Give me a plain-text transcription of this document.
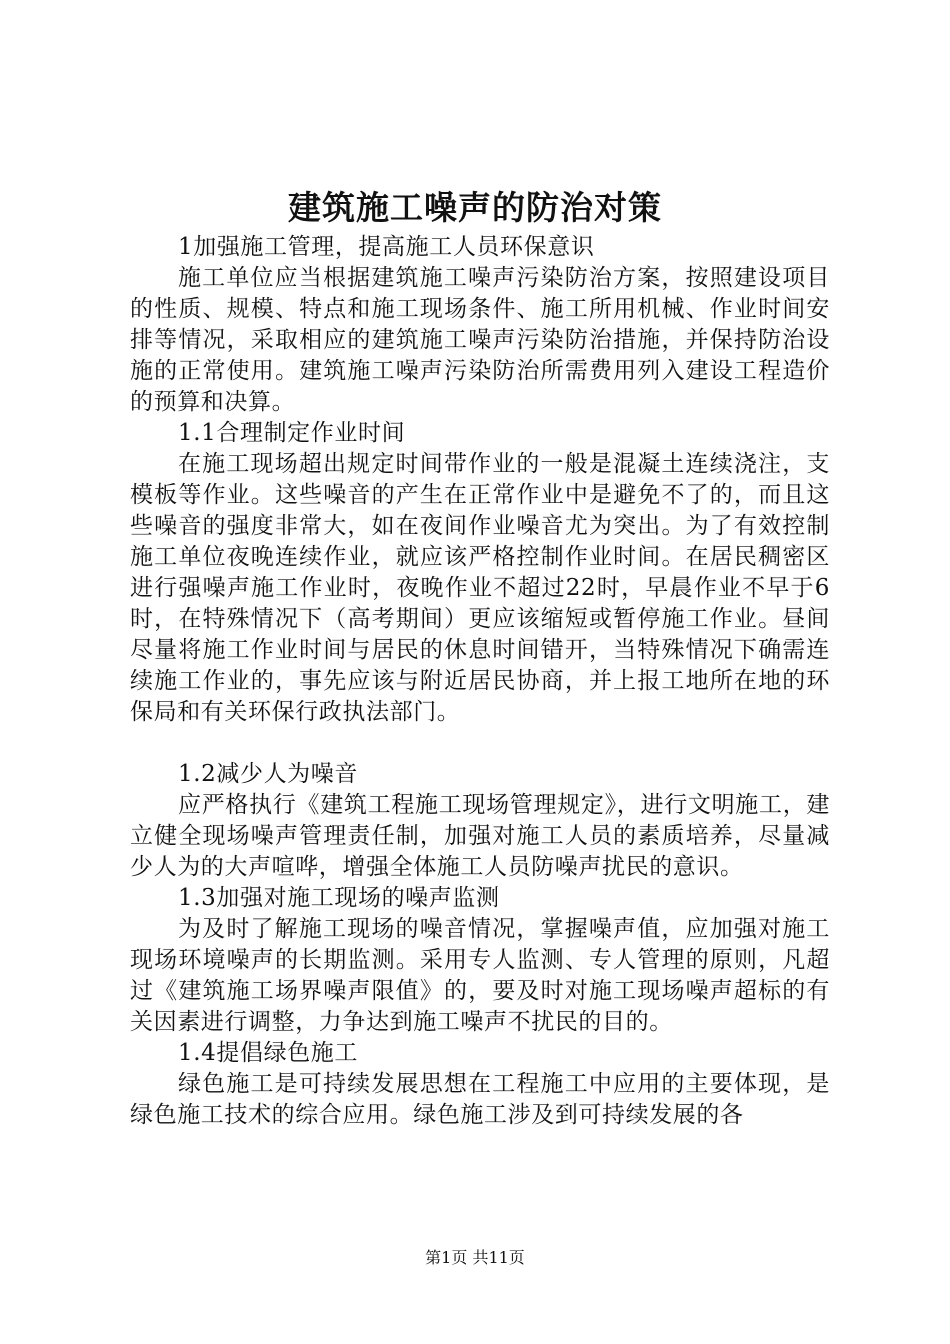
建筑施工噪声的防治对策

1加强施工管理，提高施工人员环保意识

施工单位应当根据建筑施工噪声污染防治方案，按照建设项目的性质、规模、特点和施工现场条件、施工所用机械、作业时间安排等情况，采取相应的建筑施工噪声污染防治措施，并保持防治设施的正常使用。建筑施工噪声污染防治所需费用列入建设工程造价的预算和决算。

1.1合理制定作业时间

在施工现场超出规定时间带作业的一般是混凝土连续浇注，支模板等作业。这些噪音的产生在正常作业中是避免不了的，而且这些噪音的强度非常大，如在夜间作业噪音尤为突出。为了有效控制施工单位夜晚连续作业，就应该严格控制作业时间。在居民稠密区进行强噪声施工作业时，夜晚作业不超过22时，早晨作业不早于6时，在特殊情况下（高考期间）更应该缩短或暂停施工作业。昼间尽量将施工作业时间与居民的休息时间错开，当特殊情况下确需连续施工作业的，事先应该与附近居民协商，并上报工地所在地的环保局和有关环保行政执法部门。

1.2减少人为噪音

应严格执行《建筑工程施工现场管理规定》，进行文明施工，建立健全现场噪声管理责任制，加强对施工人员的素质培养，尽量减少人为的大声喧哗，增强全体施工人员防噪声扰民的意识。

1.3加强对施工现场的噪声监测

为及时了解施工现场的噪音情况，掌握噪声值，应加强对施工现场环境噪声的长期监测。采用专人监测、专人管理的原则，凡超过《建筑施工场界噪声限值》的，要及时对施工现场噪声超标的有关因素进行调整，力争达到施工噪声不扰民的目的。

1.4提倡绿色施工

绿色施工是可持续发展思想在工程施工中应用的主要体现，是绿色施工技术的综合应用。绿色施工涉及到可持续发展的各

第1页 共11页
